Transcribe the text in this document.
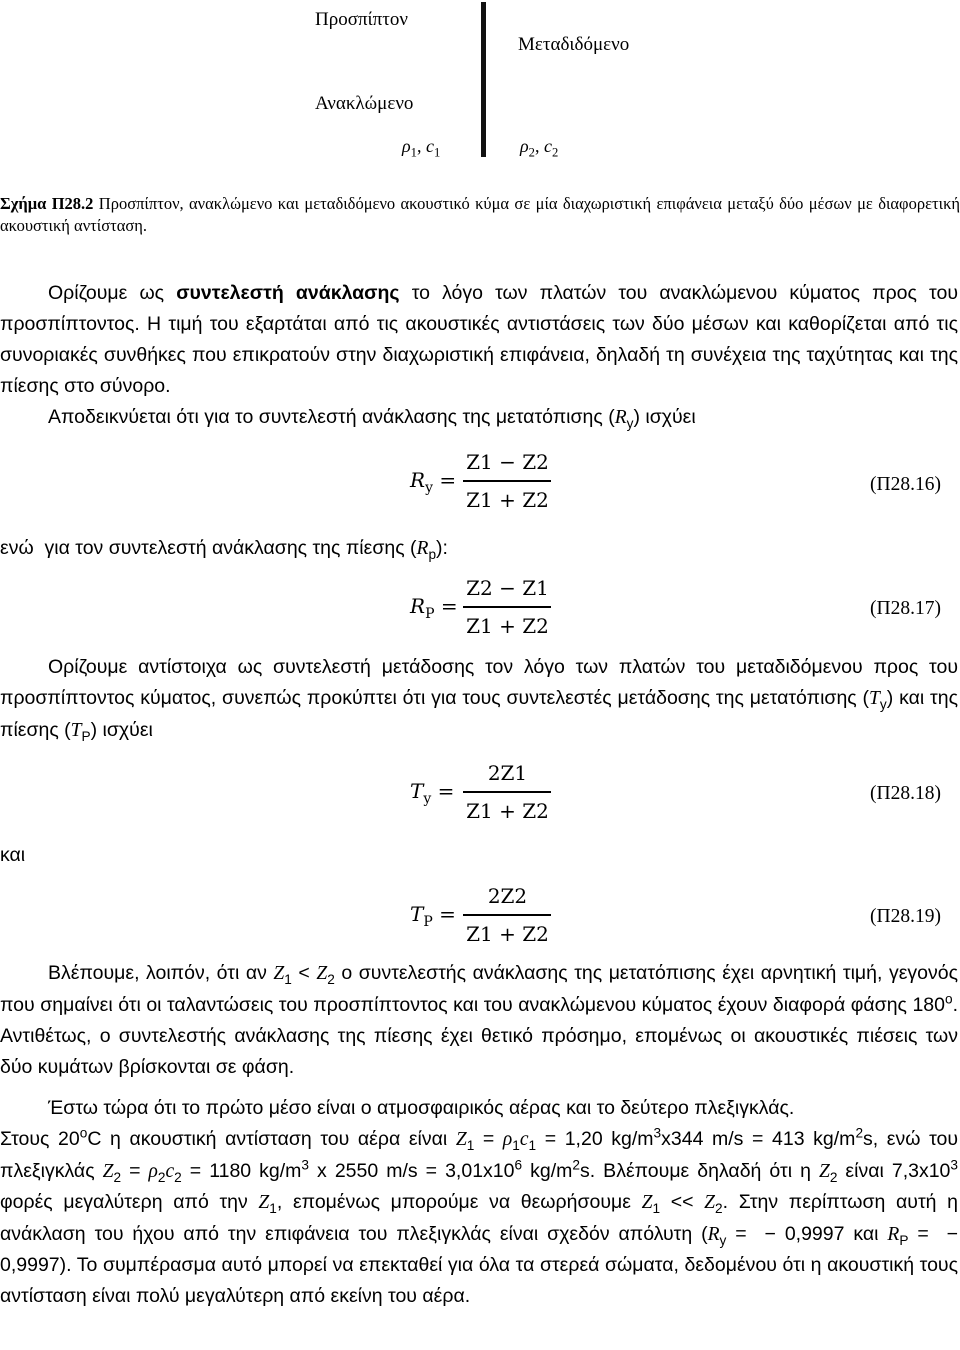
Προσπίπτον
Μεταδιδόμενο
Ανακλώμενο
$\rho_1$, $c_1$	$\rho_2$, $c_2$
Σχήμα Π28.2 Προσπίπτον, ανακλώμενο και μεταδιδόμενο ακουστικό κύμα σε μία διαχωριστική επιφάνεια μεταξύ δύο μέσων με διαφορετική ακουστική αντίσταση.
Ορίζουμε ως συντελεστή ανάκλασης το λόγο των πλατών του ανακλώμενου κύματος προς του προσπίπτοντος. Η τιμή του εξαρτάται από τις ακουστικές αντιστάσεις των δύο μέσων και καθορίζεται από τις συνοριακές συνθήκες που επικρατούν στην διαχωριστική επιφάνεια, δηλαδή τη συνέχεια της ταχύτητας και της πίεσης στο σύνορο.
Αποδεικνύεται ότι για το συντελεστή ανάκλασης της μετατόπισης $(R_y)$ ισχύει
$R_y$ =
Z1 − Z2
Z1 + Z2
(Π28.16)
ενώ  για τον συντελεστή ανάκλασης της πίεσης $(R_p)$:
$R_P$ =
Z2 − Z1
Z1 + Z2
(Π28.17)
Ορίζουμε αντίστοιχα ως συντελεστή μετάδοσης τον λόγο των πλατών του μεταδιδόμενου προς του προσπίπτοντος κύματος, συνεπώς προκύπτει ότι για τους συντελεστές μετάδοσης της μετατόπισης $(T_y)$ και της πίεσης $(T_P)$ ισχύει
$T_y$ =
2Z1
Z1 + Z2
(Π28.18)
και
$T_P$ =
2Z2
Z1 + Z2
(Π28.19)
Βλέπουμε, λοιπόν, ότι αν $Z_1 < Z_2$ ο συντελεστής ανάκλασης της μετατόπισης έχει αρνητική τιμή, γεγονός που σημαίνει ότι οι ταλαντώσεις του προσπίπτοντος και του ανακλώμενου κύματος έχουν διαφορά φάσης 180$^o$. Αντιθέτως, ο συντελεστής ανάκλασης της πίεσης έχει θετικό πρόσημο, επομένως οι ακουστικές πιέσεις των δύο κυμάτων βρίσκονται σε φάση.
Έστω τώρα ότι το πρώτο μέσο είναι ο ατμοσφαιρικός αέρας και το δεύτερο πλεξιγκλάς.
Στους 20$^o$C η ακουστική αντίσταση του αέρα είναι $Z_1 = \rho_1c_1 = 1,20$ $kg/m^3x344$ m/s = 413 $kg/m^2s$, ενώ του πλεξιγκλάς $Z_2 = \rho_2c_2 = 1180$ $kg/m^3$ x 2550 $m/s = 3,01x10^6$ $kg/m^2s$. Βλέπουμε δηλαδή ότι η $Z_2$ είναι $7,3x10^3$ φορές μεγαλύτερη από την $Z_1$, επομένως μπορούμε να θεωρήσουμε $Z_1 << Z_2$. Στην περίπτωση αυτή η ανάκλαση του ήχου από την επιφάνεια του πλεξιγκλάς είναι σχεδόν απόλυτη ($R_y$ =  − 0,9997 και $R_P$ =  − 0,9997). Το συμπέρασμα αυτό μπορεί να επεκταθεί για όλα τα στερεά σώματα, δεδομένου ότι η ακουστική τους αντίσταση είναι πολύ μεγαλύτερη από εκείνη του αέρα.
